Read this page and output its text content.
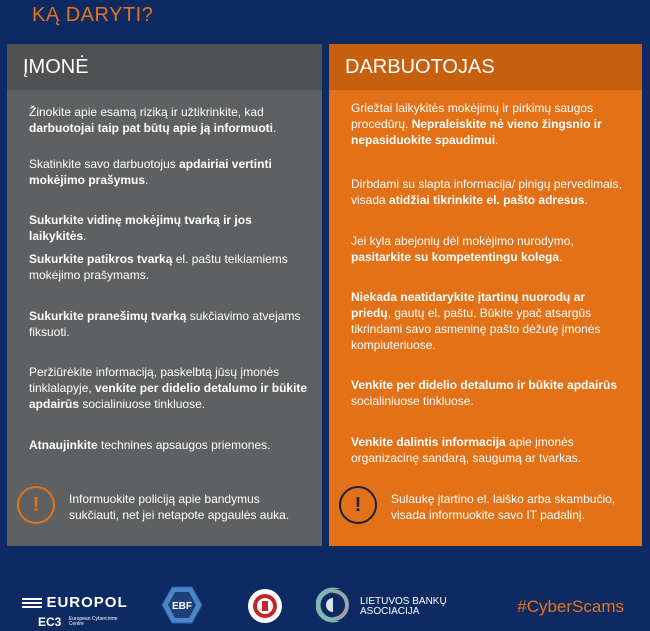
KĄ DARYTI?
ĮMONĖ
Žinokite apie esamą riziką ir užtikrinkite, kad darbuotojai taip pat būtų apie ją informuoti.
Skatinkite savo darbuotojus apdairiai vertinti mokėjimo prašymus.
Sukurkite vidinę mokėjimų tvarką ir jos laikykitės.
Sukurkite patikros tvarką el. paštu teikiamiems mokėjimo prašymams.
Sukurkite pranešimų tvarką sukčiavimo atvejams fiksuoti.
Peržiūrėkite informaciją, paskelbtą jūsų įmonės tinklalapyje, venkite per didelio detalumo ir būkite apdairūs socialiniuose tinkluose.
Atnaujinkite technines apsaugos priemones.
!	Informuokite policiją apie bandymus sukčiauti, net jei netapote apgaulės auka.
DARBUOTOJAS
Griežtai laikykitės mokėjimų ir pirkimų saugos procedūrų. Nepraleiskite nė vieno žingsnio ir nepasiduokite spaudimui.
Dirbdami su slapta informacija/ pinigų pervedimais, visada atidžiai tikrinkite el. pašto adresus.
Jei kyla abejonių dėl mokėjimo nurodymo, pasitarkite su kompetentingu kolega.
Niekada neatidarykite įtartinų nuorodų ar priedų, gautų el. paštu. Būkite ypač atsargūs tikrindami savo asmeninę pašto dėžutę įmonės kompiuteriuose.
Venkite per didelio detalumo ir būkite apdairūs socialiniuose tinkluose.
Venkite dalintis informacija apie įmonės organizacinę sandarą, saugumą ar tvarkas.
!	Sulaukę įtartino el. laiško arba skambučio, visada informuokite savo IT padalinį.
EUROPOL
EC3 European Cybercrime
Centre
EBF	LIETUVOS BANKŲ
ASOCIACIJA	#CyberScams
